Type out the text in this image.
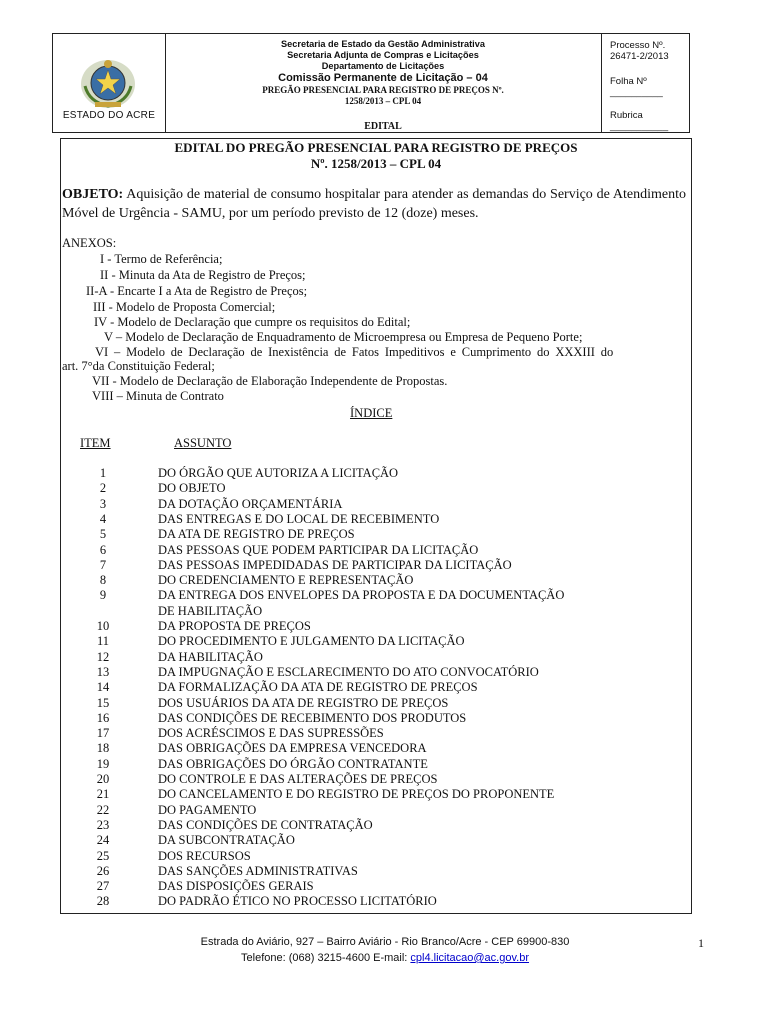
ESTADO DO ACRE
Secretaria de Estado da Gestão Administrativa
Secretaria Adjunta de Compras e Licitações
Departamento de Licitações
Comissão Permanente de Licitação – 04
PREGÃO PRESENCIAL PARA REGISTRO DE PREÇOS Nº.
1258/2013 – CPL 04
EDITAL
Processo Nº. 26471-2/2013
Folha Nº __________
Rubrica ___________
EDITAL DO PREGÃO PRESENCIAL PARA REGISTRO DE PREÇOS
Nº. 1258/2013 – CPL 04
OBJETO: Aquisição de material de consumo hospitalar para atender as demandas do Serviço de Atendimento Móvel de Urgência - SAMU, por um período previsto de 12 (doze) meses.
ANEXOS:
I - Termo de Referência;
II - Minuta da Ata de Registro de Preços;
II-A - Encarte I a Ata de Registro de Preços;
III - Modelo de Proposta Comercial;
IV - Modelo de Declaração que cumpre os requisitos do Edital;
V – Modelo de Declaração de Enquadramento de Microempresa ou Empresa de Pequeno Porte;
VI – Modelo de Declaração de Inexistência de Fatos Impeditivos e Cumprimento do XXXIII do
art. 7°da Constituição Federal;
VII - Modelo de Declaração de Elaboração Independente de Propostas.
VIII – Minuta de Contrato
ÍNDICE
ITEM	ASSUNTO
1	DO ÓRGÃO QUE AUTORIZA A LICITAÇÃO
2	DO OBJETO
3	DA DOTAÇÃO ORÇAMENTÁRIA
4	DAS ENTREGAS E DO LOCAL DE RECEBIMENTO
5	DA ATA DE REGISTRO DE PREÇOS
6	DAS PESSOAS QUE PODEM PARTICIPAR DA LICITAÇÃO
7	DAS PESSOAS IMPEDIDADAS DE PARTICIPAR DA LICITAÇÃO
8	DO CREDENCIAMENTO E REPRESENTAÇÃO
9	DA ENTREGA DOS ENVELOPES DA PROPOSTA E DA DOCUMENTAÇÃO
DE HABILITAÇÃO
10	DA PROPOSTA DE PREÇOS
11	DO PROCEDIMENTO E JULGAMENTO DA LICITAÇÃO
12	DA HABILITAÇÃO
13	DA IMPUGNAÇÃO E ESCLARECIMENTO DO ATO CONVOCATÓRIO
14	DA FORMALIZAÇÃO DA ATA DE REGISTRO DE PREÇOS
15	DOS USUÁRIOS DA ATA DE REGISTRO DE PREÇOS
16	DAS CONDIÇÕES DE RECEBIMENTO DOS PRODUTOS
17	DOS ACRÉSCIMOS E DAS SUPRESSÕES
18	DAS OBRIGAÇÕES DA EMPRESA VENCEDORA
19	DAS OBRIGAÇÕES DO ÓRGÃO CONTRATANTE
20	DO CONTROLE E DAS ALTERAÇÕES DE PREÇOS
21	DO CANCELAMENTO E DO REGISTRO DE PREÇOS DO PROPONENTE
22	DO PAGAMENTO
23	DAS CONDIÇÕES DE CONTRATAÇÃO
24	DA SUBCONTRATAÇÃO
25	DOS RECURSOS
26	DAS SANÇÕES ADMINISTRATIVAS
27	DAS DISPOSIÇÕES GERAIS
28	DO PADRÃO ÉTICO NO PROCESSO LICITATÓRIO
Estrada do Aviário, 927 – Bairro Aviário - Rio Branco/Acre - CEP 69900-830
Telefone: (068) 3215-4600 E-mail: cpl4.licitacao@ac.gov.br
1
